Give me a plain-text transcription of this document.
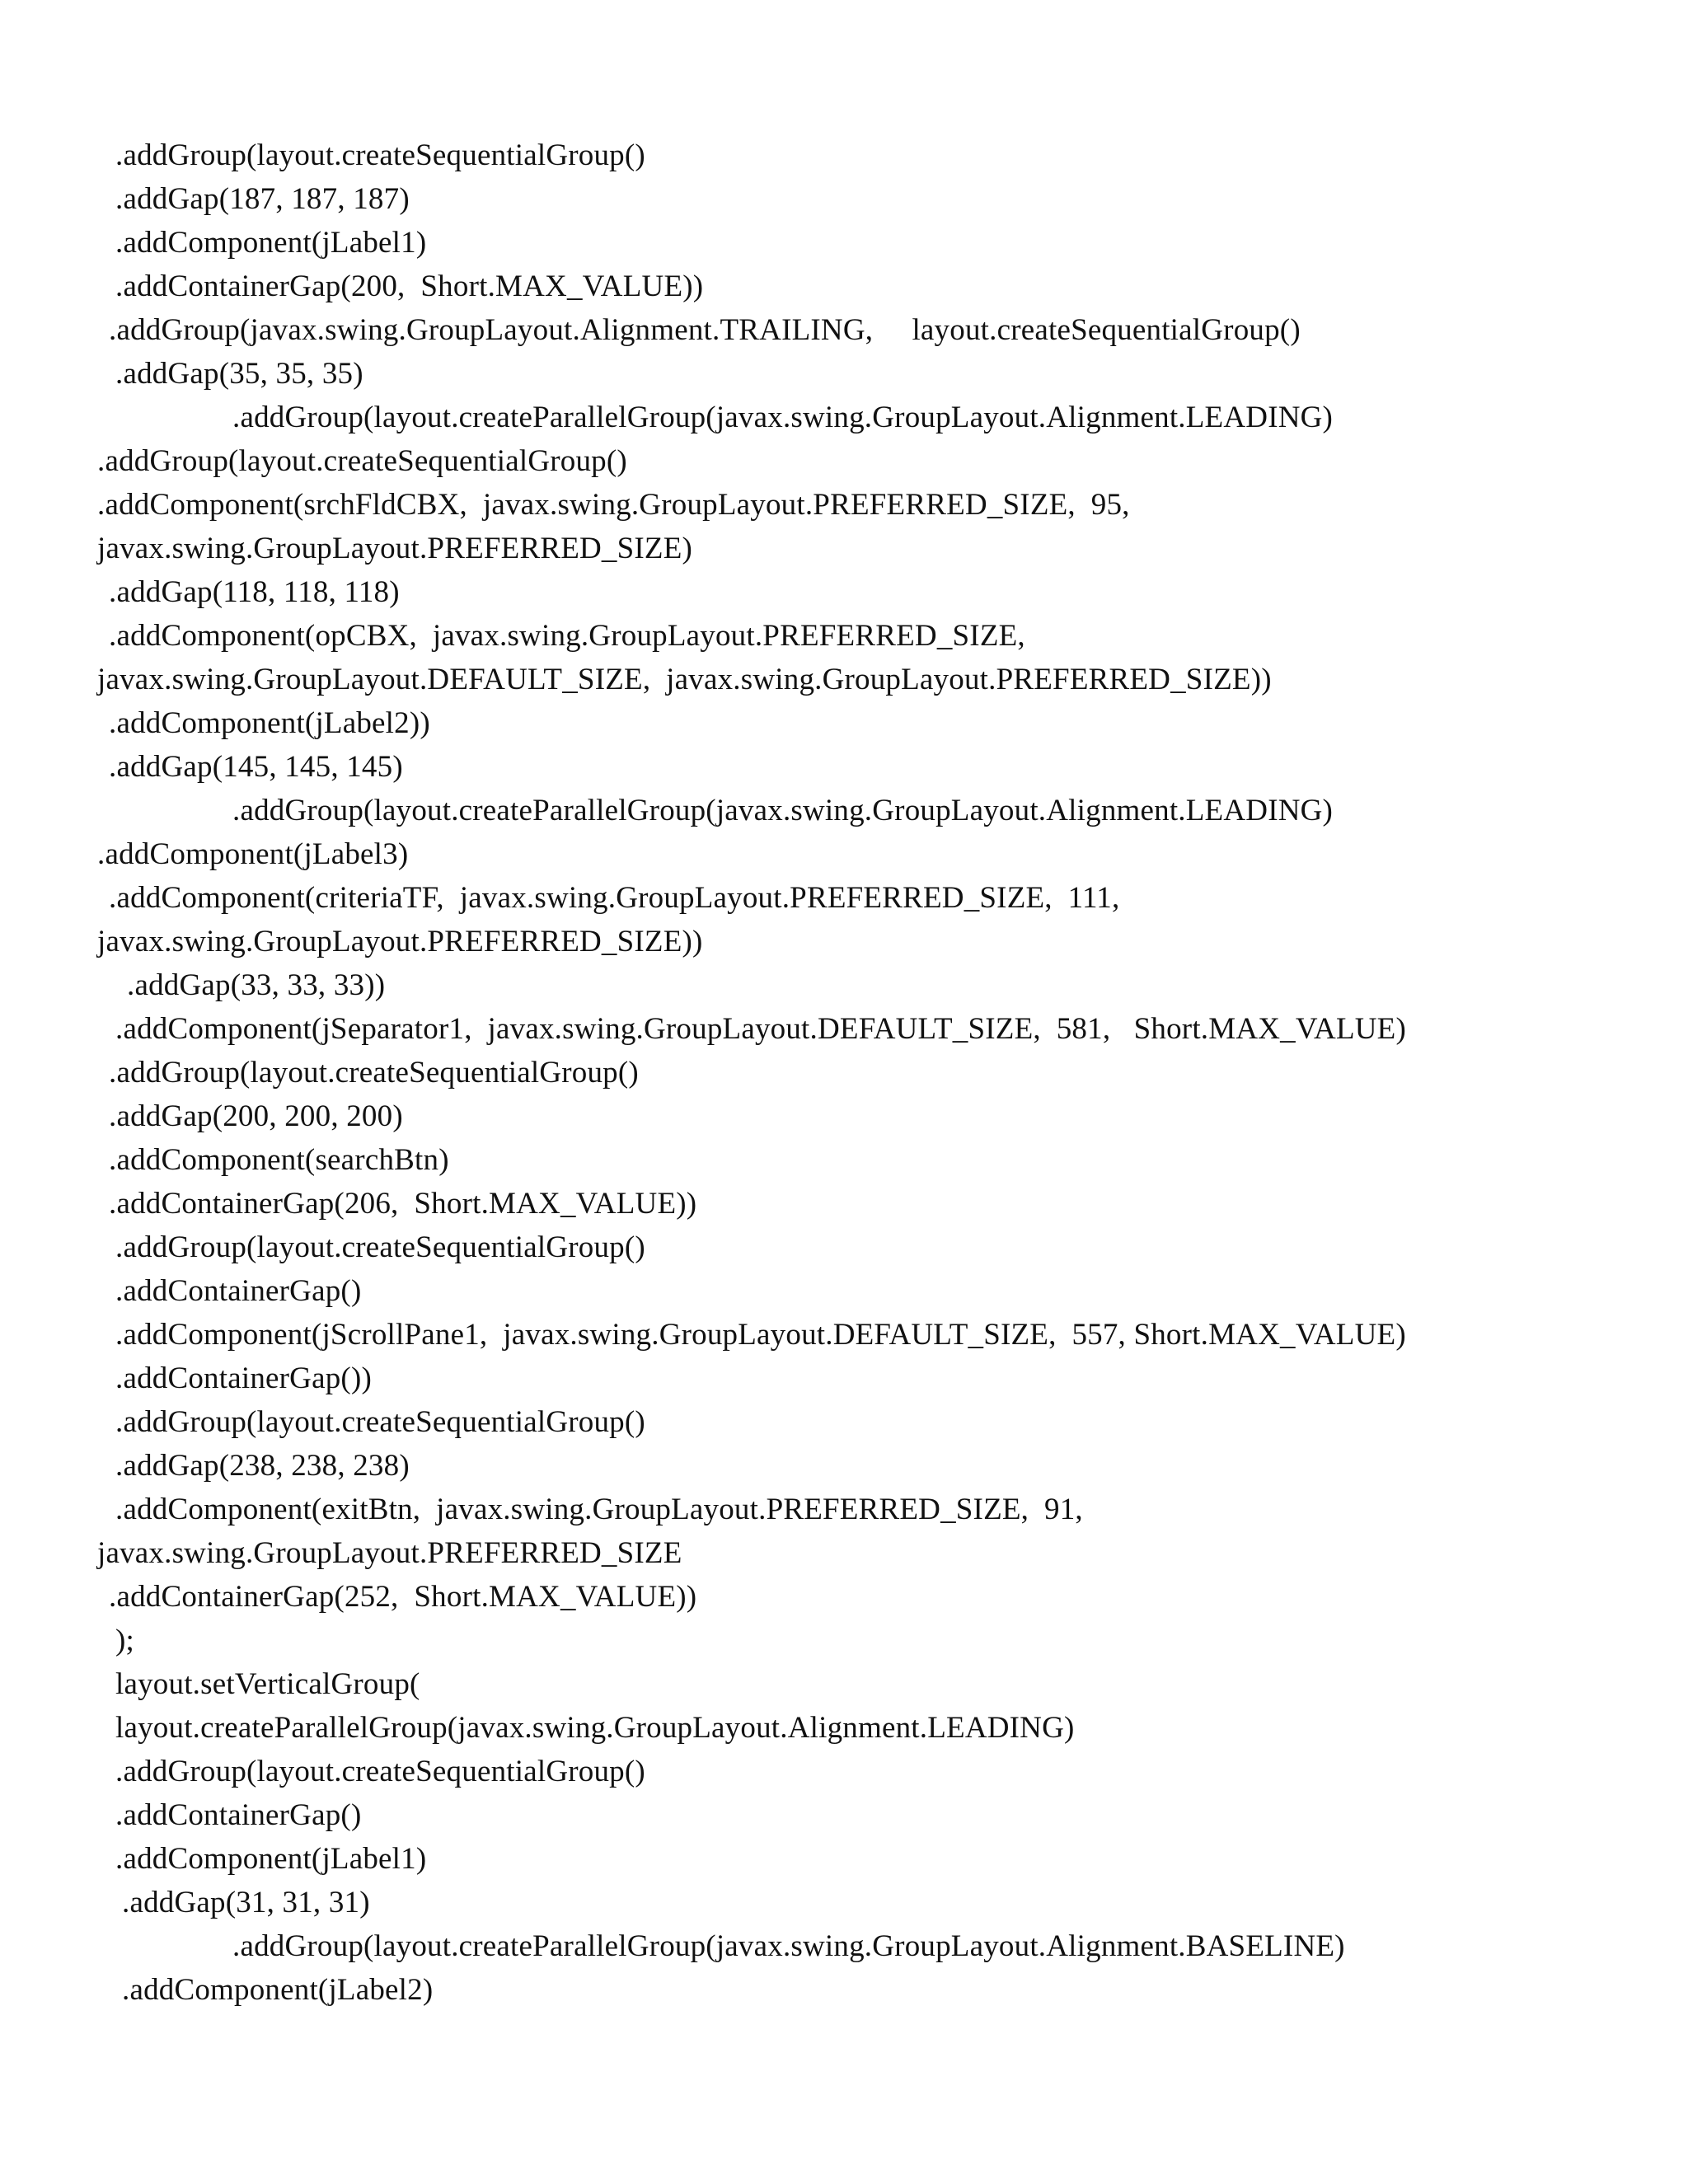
.addGroup(layout.createSequentialGroup()
.addGap(187, 187, 187)
.addComponent(jLabel1)
.addContainerGap(200,  Short.MAX_VALUE))
.addGroup(javax.swing.GroupLayout.Alignment.TRAILING,     layout.createSequentialGroup()
.addGap(35, 35, 35)
.addGroup(layout.createParallelGroup(javax.swing.GroupLayout.Alignment.LEADING)
.addGroup(layout.createSequentialGroup()
.addComponent(srchFldCBX,  javax.swing.GroupLayout.PREFERRED_SIZE,  95,
javax.swing.GroupLayout.PREFERRED_SIZE)
.addGap(118, 118, 118)
.addComponent(opCBX,  javax.swing.GroupLayout.PREFERRED_SIZE,
javax.swing.GroupLayout.DEFAULT_SIZE,  javax.swing.GroupLayout.PREFERRED_SIZE))
.addComponent(jLabel2))
.addGap(145, 145, 145)
.addGroup(layout.createParallelGroup(javax.swing.GroupLayout.Alignment.LEADING)
.addComponent(jLabel3)
.addComponent(criteriaTF,  javax.swing.GroupLayout.PREFERRED_SIZE,  111,
javax.swing.GroupLayout.PREFERRED_SIZE))
.addGap(33, 33, 33))
.addComponent(jSeparator1,  javax.swing.GroupLayout.DEFAULT_SIZE,  581,   Short.MAX_VALUE)
.addGroup(layout.createSequentialGroup()
.addGap(200, 200, 200)
.addComponent(searchBtn)
.addContainerGap(206,  Short.MAX_VALUE))
.addGroup(layout.createSequentialGroup()
.addContainerGap()
.addComponent(jScrollPane1,  javax.swing.GroupLayout.DEFAULT_SIZE,  557, Short.MAX_VALUE)
.addContainerGap())
.addGroup(layout.createSequentialGroup()
.addGap(238, 238, 238)
.addComponent(exitBtn,  javax.swing.GroupLayout.PREFERRED_SIZE,  91,
javax.swing.GroupLayout.PREFERRED_SIZE
.addContainerGap(252,  Short.MAX_VALUE))
);
layout.setVerticalGroup(
layout.createParallelGroup(javax.swing.GroupLayout.Alignment.LEADING)
.addGroup(layout.createSequentialGroup()
.addContainerGap()
.addComponent(jLabel1)
.addGap(31, 31, 31)
.addGroup(layout.createParallelGroup(javax.swing.GroupLayout.Alignment.BASELINE)
.addComponent(jLabel2)
